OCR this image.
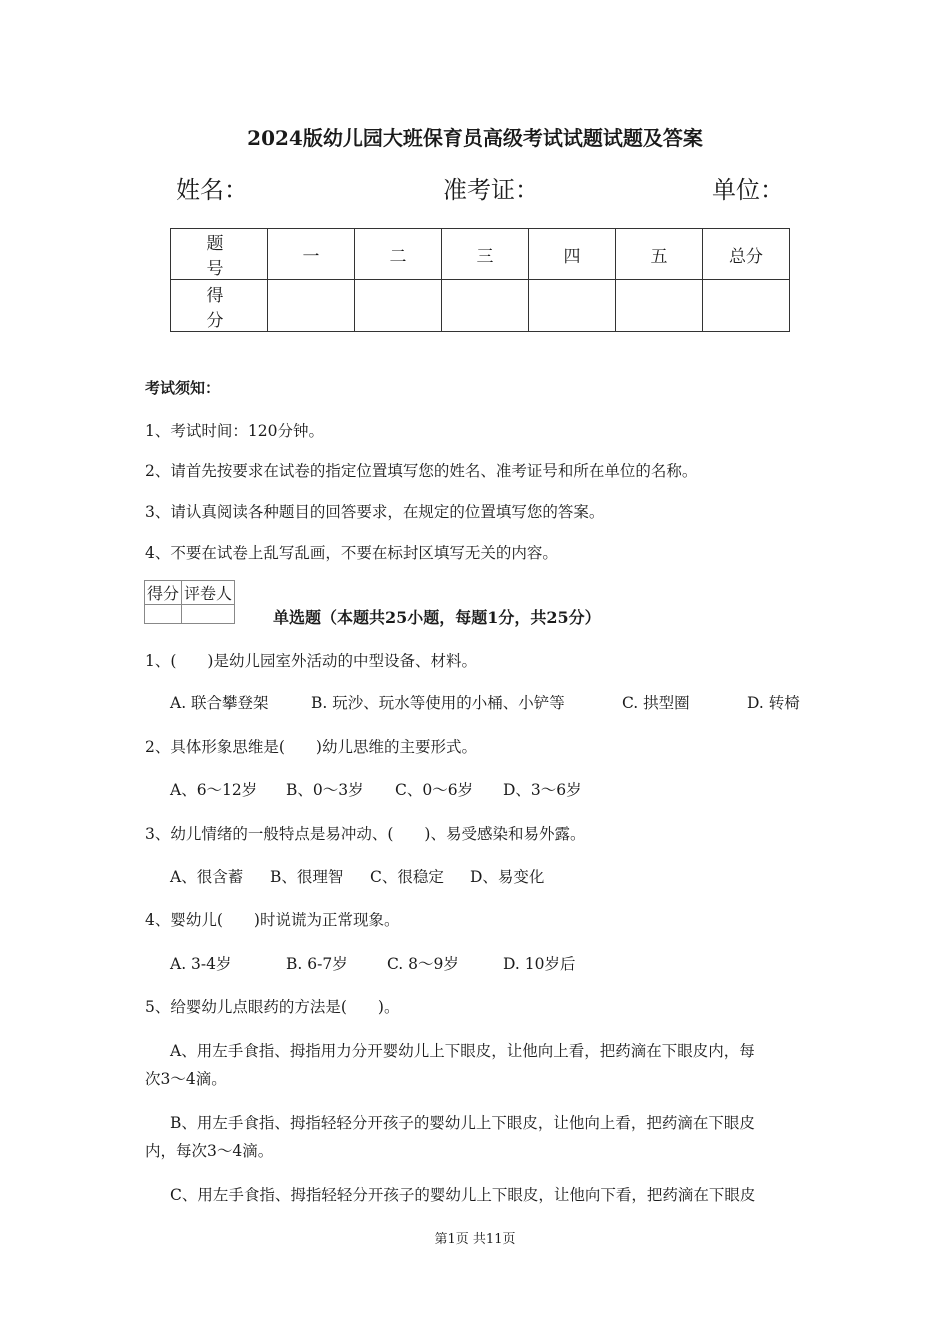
2024版幼儿园大班保育员高级考试试题试题及答案
姓名：	准考证：	单位：
题 号	一	二	三	四	五	总分
得 分						
考试须知：
1、考试时间：120分钟。
2、请首先按要求在试卷的指定位置填写您的姓名、准考证号和所在单位的名称。
3、请认真阅读各种题目的回答要求，在规定的位置填写您的答案。
4、不要在试卷上乱写乱画，不要在标封区填写无关的内容。
得分	评卷人

单选题（本题共25小题，每题1分，共25分）
1、(　　)是幼儿园室外活动的中型设备、材料。
A. 联合攀登架	B. 玩沙、玩水等使用的小桶、小铲等	C. 拱型圈	D. 转椅
2、具体形象思维是(　　)幼儿思维的主要形式。
A、6～12岁 B、0～3岁 C、0～6岁 D、3～6岁
3、幼儿情绪的一般特点是易冲动、(　　)、易受感染和易外露。
A、很含蓄 B、很理智 C、很稳定 D、易变化
4、婴幼儿(　　)时说谎为正常现象。
A. 3-4岁	B. 6-7岁	C. 8～9岁	D. 10岁后
5、给婴幼儿点眼药的方法是(　　)。
A、用左手食指、拇指用力分开婴幼儿上下眼皮，让他向上看，把药滴在下眼皮内，每
次3～4滴。
B、用左手食指、拇指轻轻分开孩子的婴幼儿上下眼皮，让他向上看，把药滴在下眼皮
内，每次3～4滴。
C、用左手食指、拇指轻轻分开孩子的婴幼儿上下眼皮，让他向下看，把药滴在下眼皮
第1页 共11页
